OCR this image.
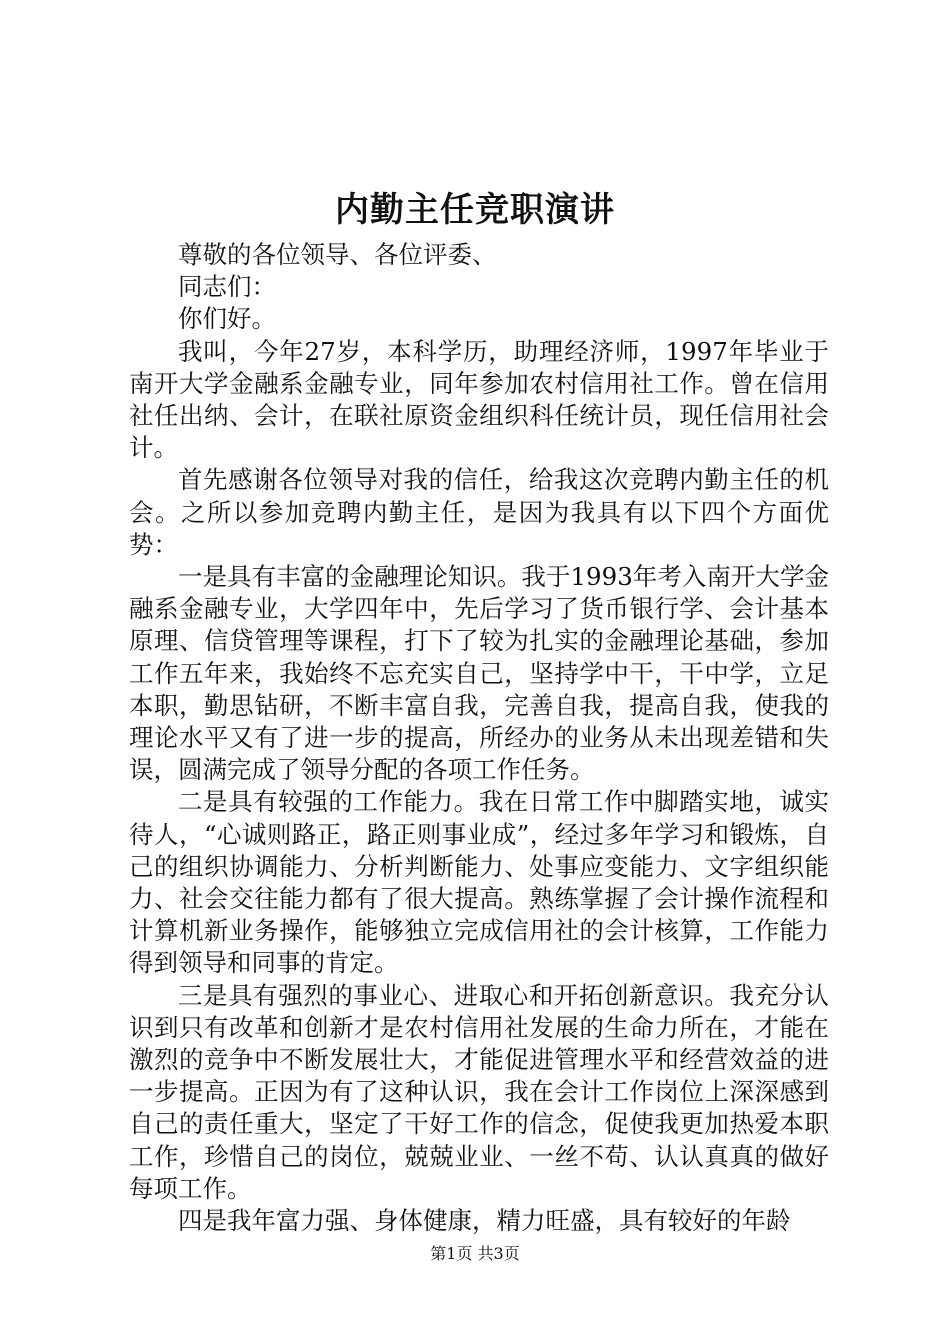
内勤主任竞职演讲

尊敬的各位领导、各位评委、

同志们：

你们好。

我叫，今年27岁，本科学历，助理经济师，1997年毕业于南开大学金融系金融专业，同年参加农村信用社工作。曾在信用社任出纳、会计，在联社原资金组织科任统计员，现任信用社会计。

首先感谢各位领导对我的信任，给我这次竞聘内勤主任的机会。之所以参加竞聘内勤主任，是因为我具有以下四个方面优势：

一是具有丰富的金融理论知识。我于1993年考入南开大学金融系金融专业，大学四年中，先后学习了货币银行学、会计基本原理、信贷管理等课程，打下了较为扎实的金融理论基础，参加工作五年来，我始终不忘充实自己，坚持学中干，干中学，立足本职，勤思钻研，不断丰富自我，完善自我，提高自我，使我的理论水平又有了进一步的提高，所经办的业务从未出现差错和失误，圆满完成了领导分配的各项工作任务。

二是具有较强的工作能力。我在日常工作中脚踏实地，诚实待人，“心诚则路正，路正则事业成”，经过多年学习和锻炼，自己的组织协调能力、分析判断能力、处事应变能力、文字组织能力、社会交往能力都有了很大提高。熟练掌握了会计操作流程和计算机新业务操作，能够独立完成信用社的会计核算，工作能力得到领导和同事的肯定。

三是具有强烈的事业心、进取心和开拓创新意识。我充分认识到只有改革和创新才是农村信用社发展的生命力所在，才能在激烈的竞争中不断发展壮大，才能促进管理水平和经营效益的进一步提高。正因为有了这种认识，我在会计工作岗位上深深感到自己的责任重大，坚定了干好工作的信念，促使我更加热爱本职工作，珍惜自己的岗位，兢兢业业、一丝不苟、认认真真的做好每项工作。

四是我年富力强、身体健康，精力旺盛，具有较好的年龄

第1页 共3页
